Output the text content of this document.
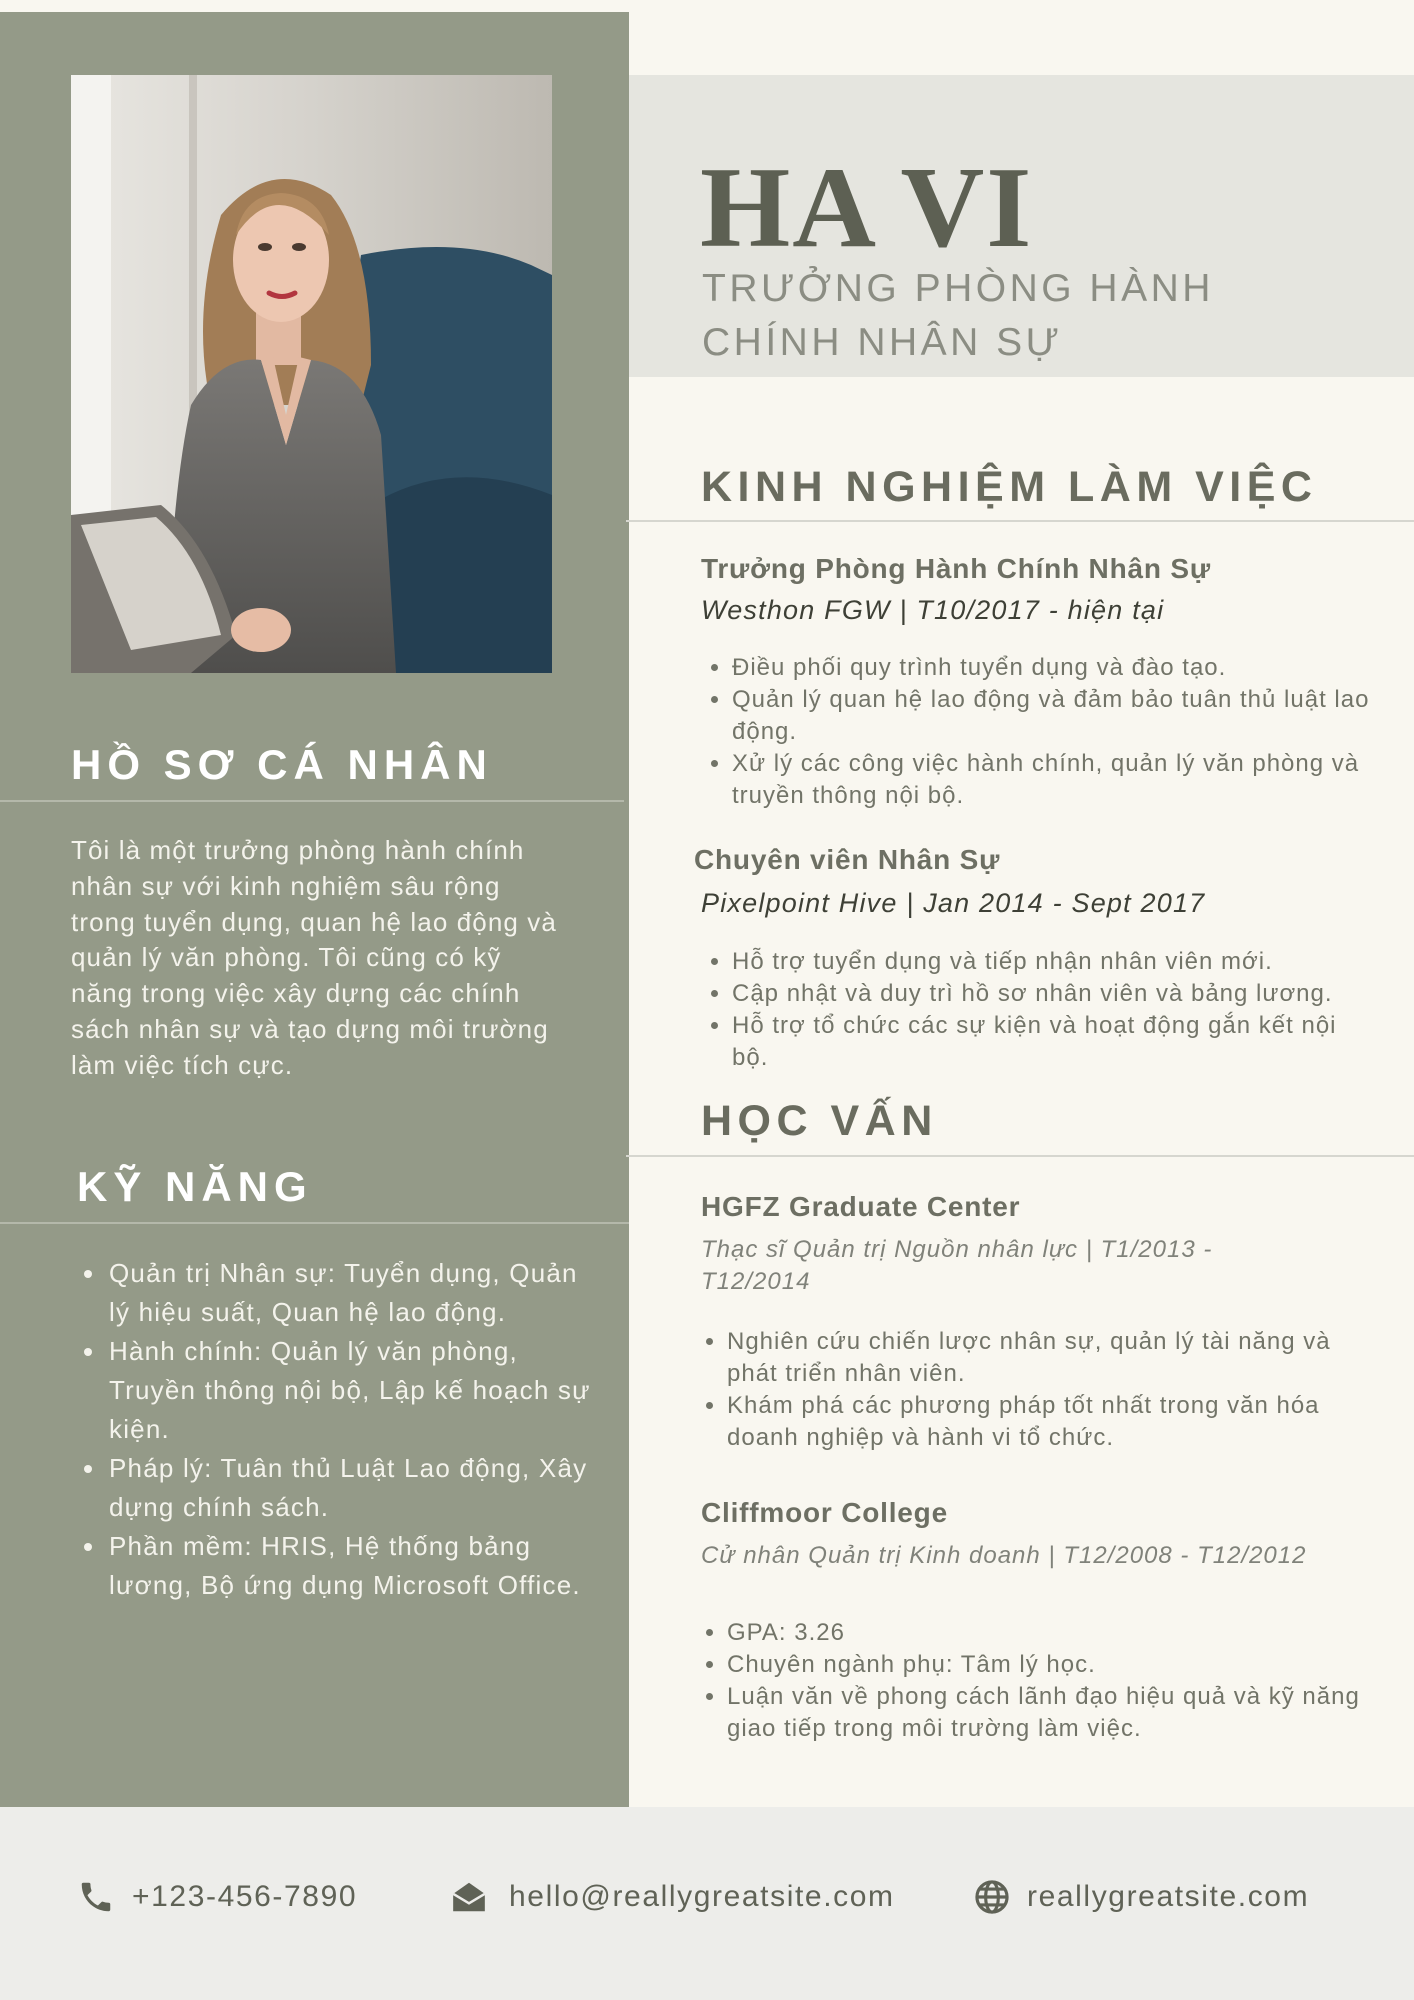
HỒ SƠ CÁ NHÂN
Tôi là một trưởng phòng hành chính nhân sự với kinh nghiệm sâu rộng trong tuyển dụng, quan hệ lao động và quản lý văn phòng. Tôi cũng có kỹ năng trong việc xây dựng các chính sách nhân sự và tạo dựng môi trường làm việc tích cực.
KỸ NĂNG
• Quản trị Nhân sự: Tuyển dụng, Quản lý hiệu suất, Quan hệ lao động.
• Hành chính: Quản lý văn phòng, Truyền thông nội bộ, Lập kế hoạch sự kiện.
• Pháp lý: Tuân thủ Luật Lao động, Xây dựng chính sách.
• Phần mềm: HRIS, Hệ thống bảng lương, Bộ ứng dụng Microsoft Office.
HA VI
TRƯỞNG PHÒNG HÀNH
CHÍNH NHÂN SỰ
KINH NGHIỆM LÀM VIỆC
Trưởng Phòng Hành Chính Nhân Sự
Westhon FGW | T10/2017 - hiện tại
• Điều phối quy trình tuyển dụng và đào tạo.
• Quản lý quan hệ lao động và đảm bảo tuân thủ luật lao động.
• Xử lý các công việc hành chính, quản lý văn phòng và truyền thông nội bộ.
Chuyên viên Nhân Sự
Pixelpoint Hive | Jan 2014 - Sept 2017
• Hỗ trợ tuyển dụng và tiếp nhận nhân viên mới.
• Cập nhật và duy trì hồ sơ nhân viên và bảng lương.
• Hỗ trợ tổ chức các sự kiện và hoạt động gắn kết nội bộ.
HỌC VẤN
HGFZ Graduate Center
Thạc sĩ Quản trị Nguồn nhân lực | T1/2013 - T12/2014
• Nghiên cứu chiến lược nhân sự, quản lý tài năng và phát triển nhân viên.
• Khám phá các phương pháp tốt nhất trong văn hóa doanh nghiệp và hành vi tổ chức.
Cliffmoor College
Cử nhân Quản trị Kinh doanh | T12/2008 - T12/2012
• GPA: 3.26
• Chuyên ngành phụ: Tâm lý học.
• Luận văn về phong cách lãnh đạo hiệu quả và kỹ năng giao tiếp trong môi trường làm việc.
+123-456-7890	hello@reallygreatsite.com	reallygreatsite.com
